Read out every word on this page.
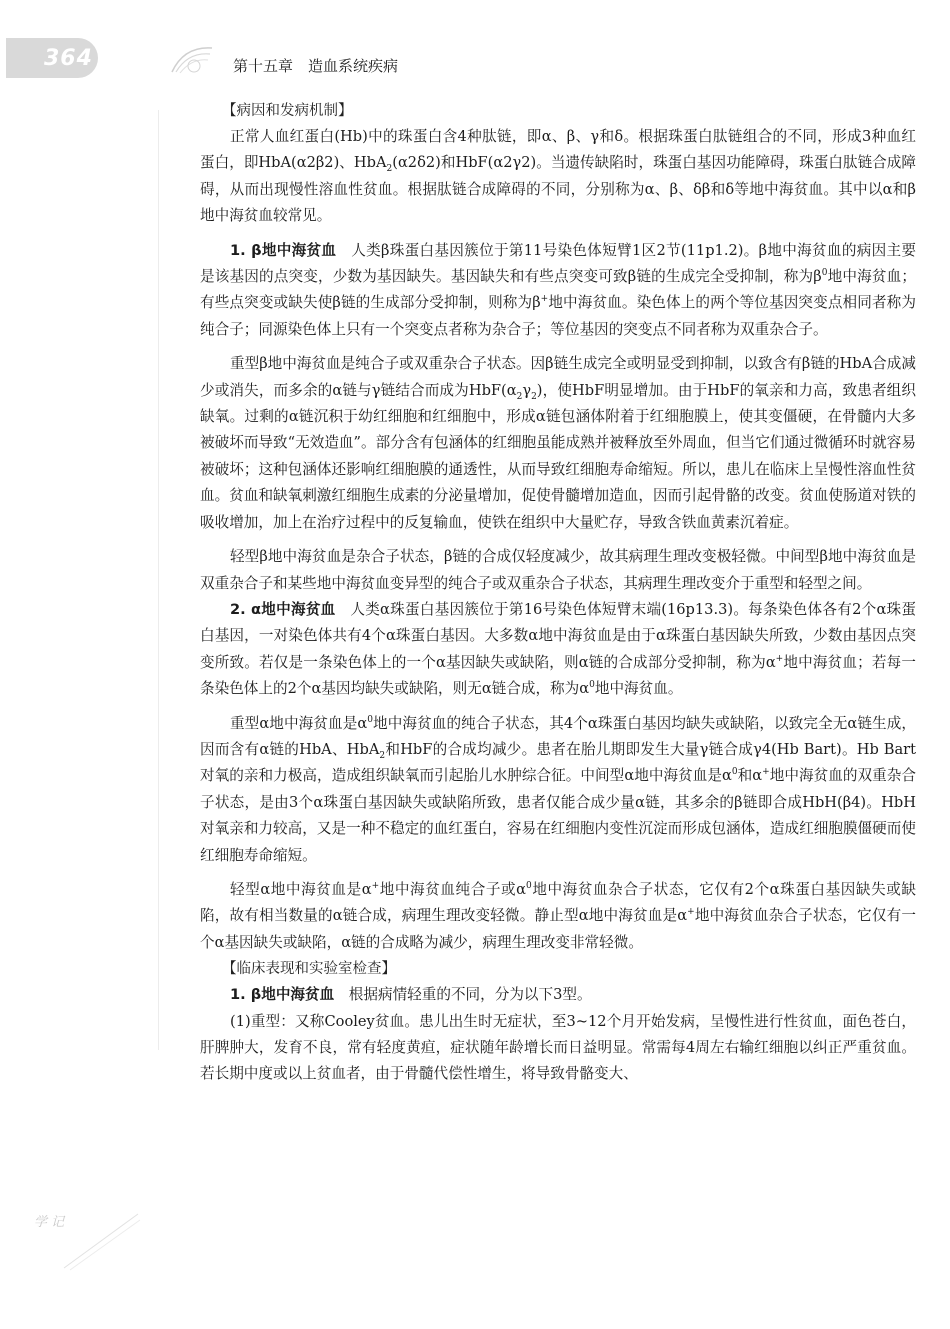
364	第十五章　造血系统疾病
学 记
【病因和发病机制】

正常人血红蛋白(Hb)中的珠蛋白含4种肽链，即α、β、γ和δ。根据珠蛋白肽链组合的不同，形成3种血红蛋白，即HbA(α2β2)、HbA$_2$(α2δ2)和HbF(α2γ2)。当遗传缺陷时，珠蛋白基因功能障碍，珠蛋白肽链合成障碍，从而出现慢性溶血性贫血。根据肽链合成障碍的不同，分别称为α、β、δβ和δ等地中海贫血。其中以α和β地中海贫血较常见。

1. β地中海贫血　人类β珠蛋白基因簇位于第11号染色体短臂1区2节(11p1.2)。β地中海贫血的病因主要是该基因的点突变，少数为基因缺失。基因缺失和有些点突变可致β链的生成完全受抑制，称为$\beta^0$地中海贫血；有些点突变或缺失使β链的生成部分受抑制，则称为β+地中海贫血。染色体上的两个等位基因突变点相同者称为纯合子；同源染色体上只有一个突变点者称为杂合子；等位基因的突变点不同者称为双重杂合子。

重型β地中海贫血是纯合子或双重杂合子状态。因β链生成完全或明显受到抑制，以致含有β链的HbA合成减少或消失，而多余的α链与γ链结合而成为$HbF(\alpha_2\gamma_2)$，使HbF明显增加。由于HbF的氧亲和力高，致患者组织缺氧。过剩的α链沉积于幼红细胞和红细胞中，形成α链包涵体附着于红细胞膜上，使其变僵硬，在骨髓内大多被破坏而导致“无效造血”。部分含有包涵体的红细胞虽能成熟并被释放至外周血，但当它们通过微循环时就容易被破坏；这种包涵体还影响红细胞膜的通透性，从而导致红细胞寿命缩短。所以，患儿在临床上呈慢性溶血性贫血。贫血和缺氧刺激红细胞生成素的分泌量增加，促使骨髓增加造血，因而引起骨骼的改变。贫血使肠道对铁的吸收增加，加上在治疗过程中的反复输血，使铁在组织中大量贮存，导致含铁血黄素沉着症。

轻型β地中海贫血是杂合子状态，β链的合成仅轻度减少，故其病理生理改变极轻微。中间型β地中海贫血是双重杂合子和某些地中海贫血变异型的纯合子或双重杂合子状态，其病理生理改变介于重型和轻型之间。

2. α地中海贫血　人类α珠蛋白基因簇位于第16号染色体短臂末端(16p13.3)。每条染色体各有2个α珠蛋白基因，一对染色体共有4个α珠蛋白基因。大多数α地中海贫血是由于α珠蛋白基因缺失所致，少数由基因点突变所致。若仅是一条染色体上的一个α基因缺失或缺陷，则α链的合成部分受抑制，称为α+地中海贫血；若每一条染色体上的2个α基因均缺失或缺陷，则无α链合成，称为$\alpha^0$地中海贫血。

重型α地中海贫血是$\alpha^0$地中海贫血的纯合子状态，其4个α珠蛋白基因均缺失或缺陷，以致完全无α链生成，因而含有α链的HbA、HbA$_2$和HbF的合成均减少。患者在胎儿期即发生大量γ链合成γ4(Hb Bart)。Hb Bart对氧的亲和力极高，造成组织缺氧而引起胎儿水肿综合征。中间型α地中海贫血是$\alpha^0$和α+地中海贫血的双重杂合子状态，是由3个α珠蛋白基因缺失或缺陷所致，患者仅能合成少量α链，其多余的β链即合成HbH(β4)。HbH对氧亲和力较高，又是一种不稳定的血红蛋白，容易在红细胞内变性沉淀而形成包涵体，造成红细胞膜僵硬而使红细胞寿命缩短。

轻型α地中海贫血是α+地中海贫血纯合子或$\alpha^0$地中海贫血杂合子状态，它仅有2个α珠蛋白基因缺失或缺陷，故有相当数量的α链合成，病理生理改变轻微。静止型α地中海贫血是α+地中海贫血杂合子状态，它仅有一个α基因缺失或缺陷，α链的合成略为减少，病理生理改变非常轻微。

【临床表现和实验室检查】

1. β地中海贫血　根据病情轻重的不同，分为以下3型。

(1)重型：又称Cooley贫血。患儿出生时无症状，至3~12个月开始发病，呈慢性进行性贫血，面色苍白，肝脾肿大，发育不良，常有轻度黄疸，症状随年龄增长而日益明显。常需每4周左右输红细胞以纠正严重贫血。若长期中度或以上贫血者，由于骨髓代偿性增生，将导致骨骼变大、
